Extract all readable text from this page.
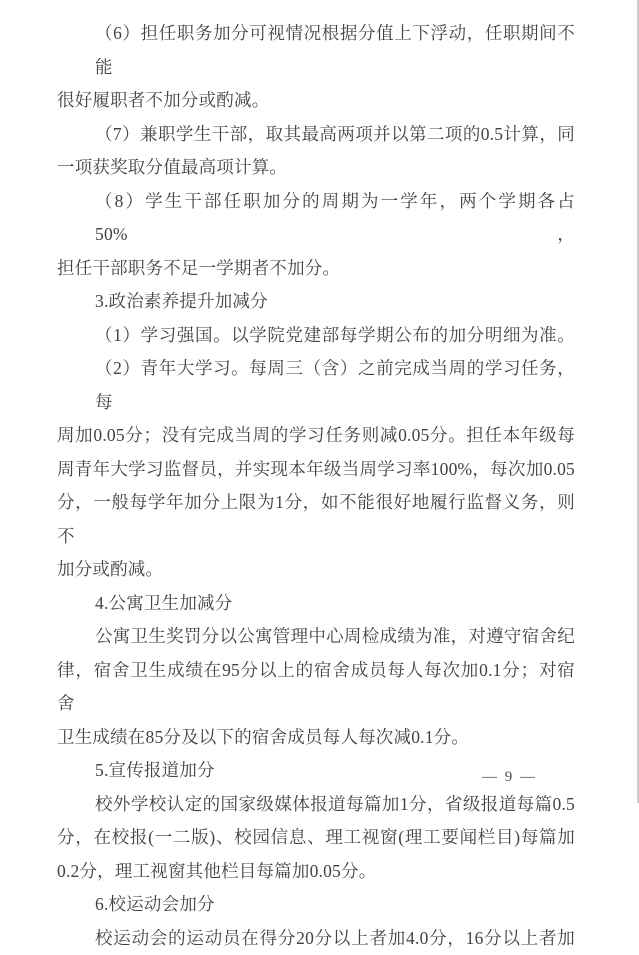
（6）担任职务加分可视情况根据分值上下浮动，任职期间不能
很好履职者不加分或酌减。
（7）兼职学生干部，取其最高两项并以第二项的0.5计算，同
一项获奖取分值最高项计算。
（8）学生干部任职加分的周期为一学年，两个学期各占50%，
担任干部职务不足一学期者不加分。
3.政治素养提升加减分
（1）学习强国。以学院党建部每学期公布的加分明细为准。
（2）青年大学习。每周三（含）之前完成当周的学习任务，每
周加0.05分；没有完成当周的学习任务则减0.05分。担任本年级每
周青年大学习监督员，并实现本年级当周学习率100%，每次加0.05
分，一般每学年加分上限为1分，如不能很好地履行监督义务，则不
加分或酌减。
4.公寓卫生加减分
公寓卫生奖罚分以公寓管理中心周检成绩为准，对遵守宿舍纪
律，宿舍卫生成绩在95分以上的宿舍成员每人每次加0.1分；对宿舍
卫生成绩在85分及以下的宿舍成员每人每次减0.1分。
5.宣传报道加分
校外学校认定的国家级媒体报道每篇加1分，省级报道每篇0.5
分，在校报(一二版)、校园信息、理工视窗(理工要闻栏目)每篇加
0.2分，理工视窗其他栏目每篇加0.05分。
6.校运动会加分
校运动会的运动员在得分20分以上者加4.0分，16分以上者加
— 9 —
